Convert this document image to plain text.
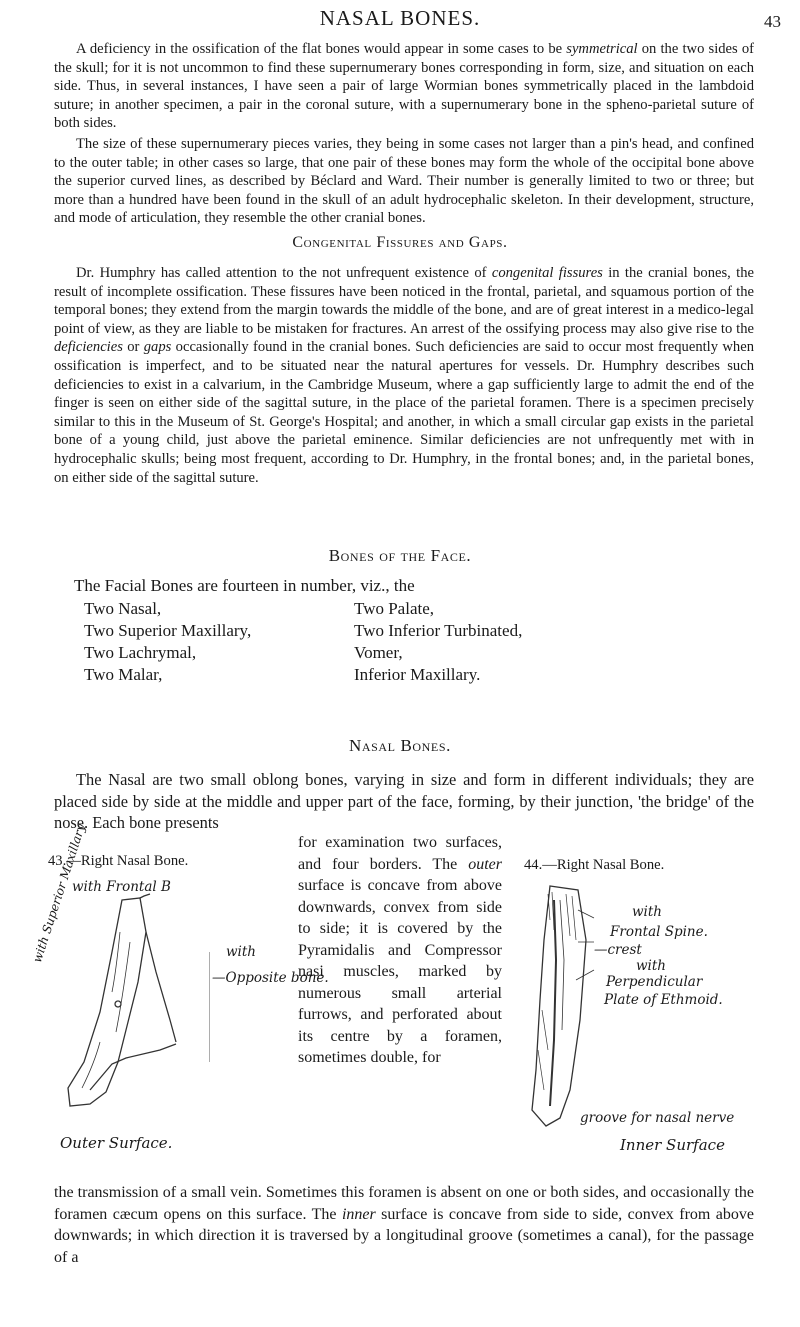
NASAL BONES.	43

A deficiency in the ossification of the flat bones would appear in some cases to be symmetrical on the two sides of the skull; for it is not uncommon to find these supernumerary bones corresponding in form, size, and situation on each side. Thus, in several instances, I have seen a pair of large Wormian bones symmetrically placed in the lambdoid suture; in another specimen, a pair in the coronal suture, with a supernumerary bone in the spheno-parietal suture of both sides.

The size of these supernumerary pieces varies, they being in some cases not larger than a pin's head, and confined to the outer table; in other cases so large, that one pair of these bones may form the whole of the occipital bone above the superior curved lines, as described by Béclard and Ward. Their number is generally limited to two or three; but more than a hundred have been found in the skull of an adult hydrocephalic skeleton. In their development, structure, and mode of articulation, they resemble the other cranial bones.

Congenital Fissures and Gaps.

Dr. Humphry has called attention to the not unfrequent existence of congenital fissures in the cranial bones, the result of incomplete ossification. These fissures have been noticed in the frontal, parietal, and squamous portion of the temporal bones; they extend from the margin towards the middle of the bone, and are of great interest in a medico-legal point of view, as they are liable to be mistaken for fractures. An arrest of the ossifying process may also give rise to the deficiencies or gaps occasionally found in the cranial bones. Such deficiencies are said to occur most frequently when ossification is imperfect, and to be situated near the natural apertures for vessels. Dr. Humphry describes such deficiencies to exist in a calvarium, in the Cambridge Museum, where a gap sufficiently large to admit the end of the finger is seen on either side of the sagittal suture, in the place of the parietal foramen. There is a specimen precisely similar to this in the Museum of St. George's Hospital; and another, in which a small circular gap exists in the parietal bone of a young child, just above the parietal eminence. Similar deficiencies are not unfrequently met with in hydrocephalic skulls; being most frequent, according to Dr. Humphry, in the frontal bones; and, in the parietal bones, on either side of the sagittal suture.

Bones of the Face.
The Facial Bones are fourteen in number, viz., the
Two Nasal,	Two Palate,
Two Superior Maxillary,	Two Inferior Turbinated,
Two Lachrymal,	Vomer,
Two Malar,	Inferior Maxillary.
Nasal Bones.

The Nasal are two small oblong bones, varying in size and form in different individuals; they are placed side by side at the middle and upper part of the face, forming, by their junction, 'the bridge' of the nose. Each bone presents

for examination two surfaces, and four borders. The outer surface is concave from above downwards, convex from side to side; it is covered by the Pyramidalis and Compressor nasi muscles, marked by numerous small arterial furrows, and perforated about its centre by a foramen, sometimes double, for

the transmission of a small vein. Sometimes this foramen is absent on one or both sides, and occasionally the foramen cæcum opens on this surface. The inner surface is concave from side to side, convex from above downwards; in which direction it is traversed by a longitudinal groove (sometimes a canal), for the passage of a

43.—Right Nasal Bone.
with Frontal B
with
—Opposite bone.
with Superior Maxillary
Outer Surface.
44.—Right Nasal Bone.
with
Frontal Spine.
—crest
with
Perpendicular
Plate of Ethmoid.
groove for nasal nerve
Inner Surface
